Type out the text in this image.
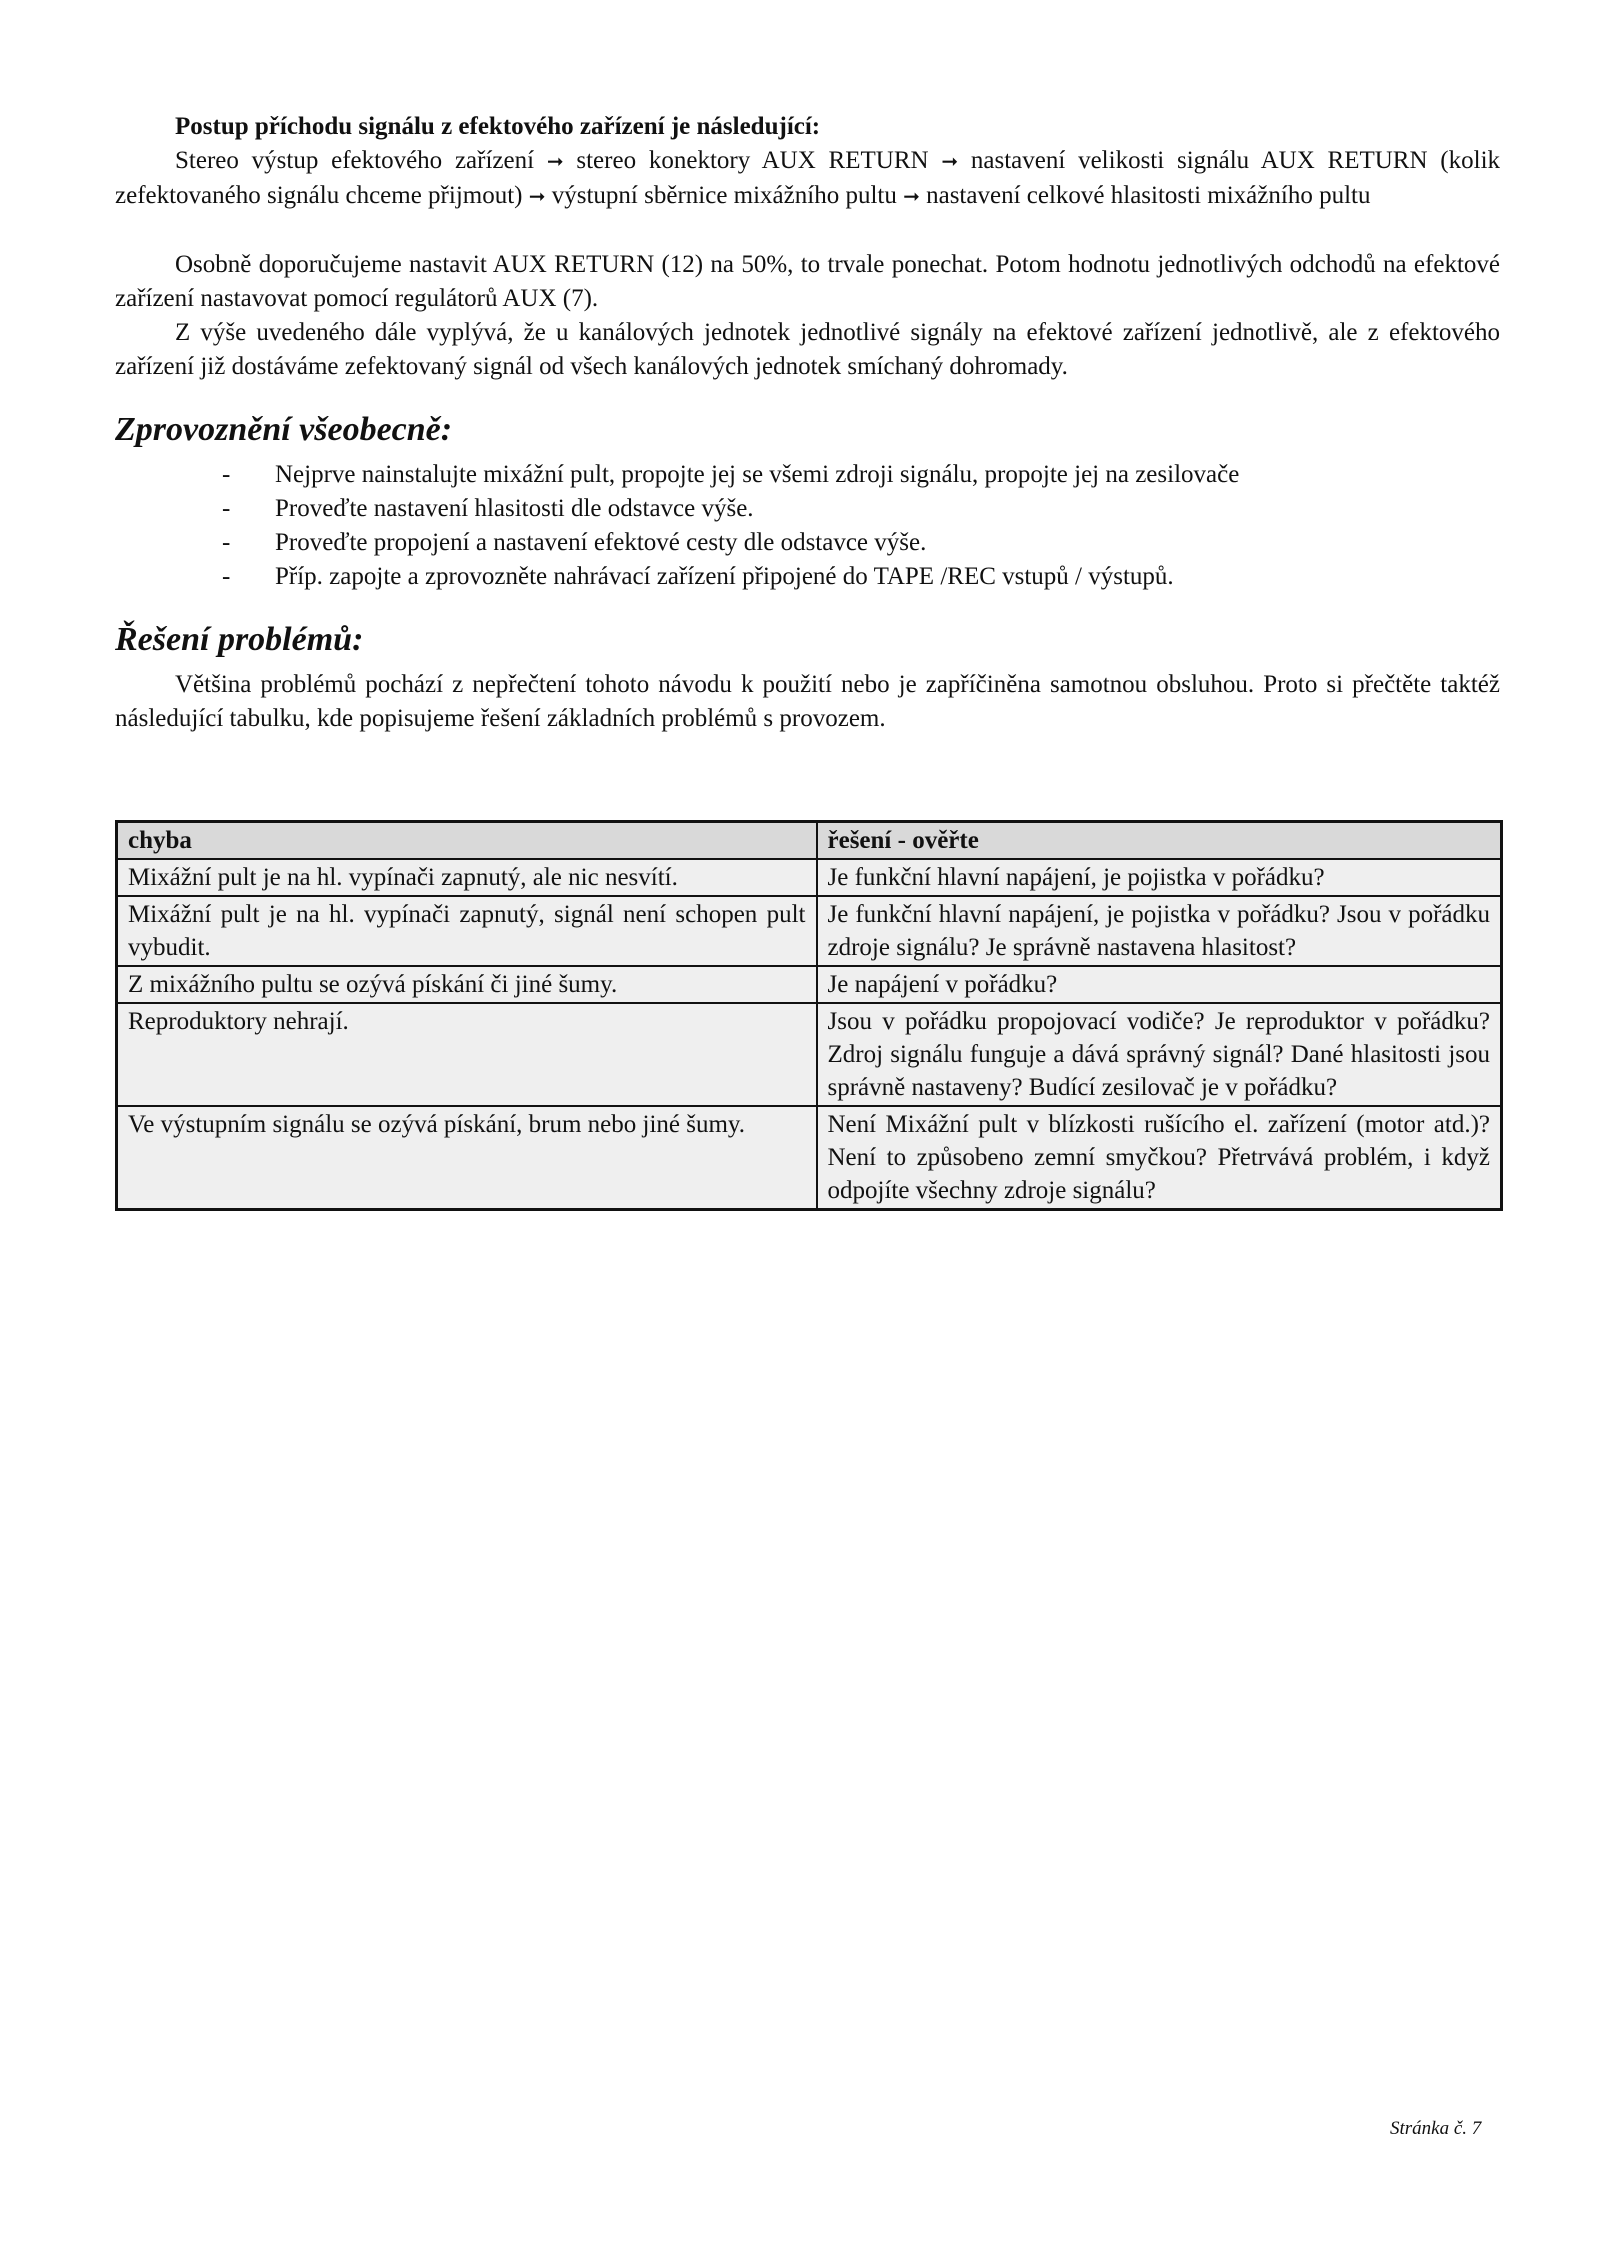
Postup příchodu signálu z efektového zařízení je následující:

Stereo výstup efektového zařízení ➞ stereo konektory AUX RETURN ➞ nastavení velikosti signálu AUX RETURN (kolik zefektovaného signálu chceme přijmout) ➞ výstupní sběrnice mixážního pultu ➞ nastavení celkové hlasitosti mixážního pultu

Osobně doporučujeme nastavit AUX RETURN (12) na 50%, to trvale ponechat. Potom hodnotu jednotlivých odchodů na efektové zařízení nastavovat pomocí regulátorů AUX (7).

Z výše uvedeného dále vyplývá, že u kanálových jednotek jednotlivé signály na efektové zařízení jednotlivě, ale z efektového zařízení již dostáváme zefektovaný signál od všech kanálových jednotek smíchaný dohromady.

Zprovoznění všeobecně:
- Nejprve nainstalujte mixážní pult, propojte jej se všemi zdroji signálu, propojte jej na zesilovače
- Proveďte nastavení hlasitosti dle odstavce výše.
- Proveďte propojení a nastavení efektové cesty dle odstavce výše.
- Příp. zapojte a zprovozněte nahrávací zařízení připojené do TAPE /REC vstupů / výstupů.
Řešení problémů:

Většina problémů pochází z nepřečtení tohoto návodu k použití nebo je zapříčiněna samotnou obsluhou. Proto si přečtěte taktéž následující tabulku, kde popisujeme řešení základních problémů s provozem.

chyba	řešení - ověřte
Mixážní pult je na hl. vypínači zapnutý, ale nic nesvítí.	Je funkční hlavní napájení, je pojistka v pořádku?
Mixážní pult je na hl. vypínači zapnutý, signál není schopen pult vybudit.	Je funkční hlavní napájení, je pojistka v pořádku? Jsou v pořádku zdroje signálu? Je správně nastavena hlasitost?
Z mixážního pultu se ozývá pískání či jiné šumy.	Je napájení v pořádku?
Reproduktory nehrají.	Jsou v pořádku propojovací vodiče? Je reproduktor v pořádku? Zdroj signálu funguje a dává správný signál? Dané hlasitosti jsou správně nastaveny? Budící zesilovač je v pořádku?
Ve výstupním signálu se ozývá pískání, brum nebo jiné šumy.	Není Mixážní pult v blízkosti rušícího el. zařízení (motor atd.)? Není to způsobeno zemní smyčkou? Přetrvává problém, i když odpojíte všechny zdroje signálu?
Stránka č. 7
